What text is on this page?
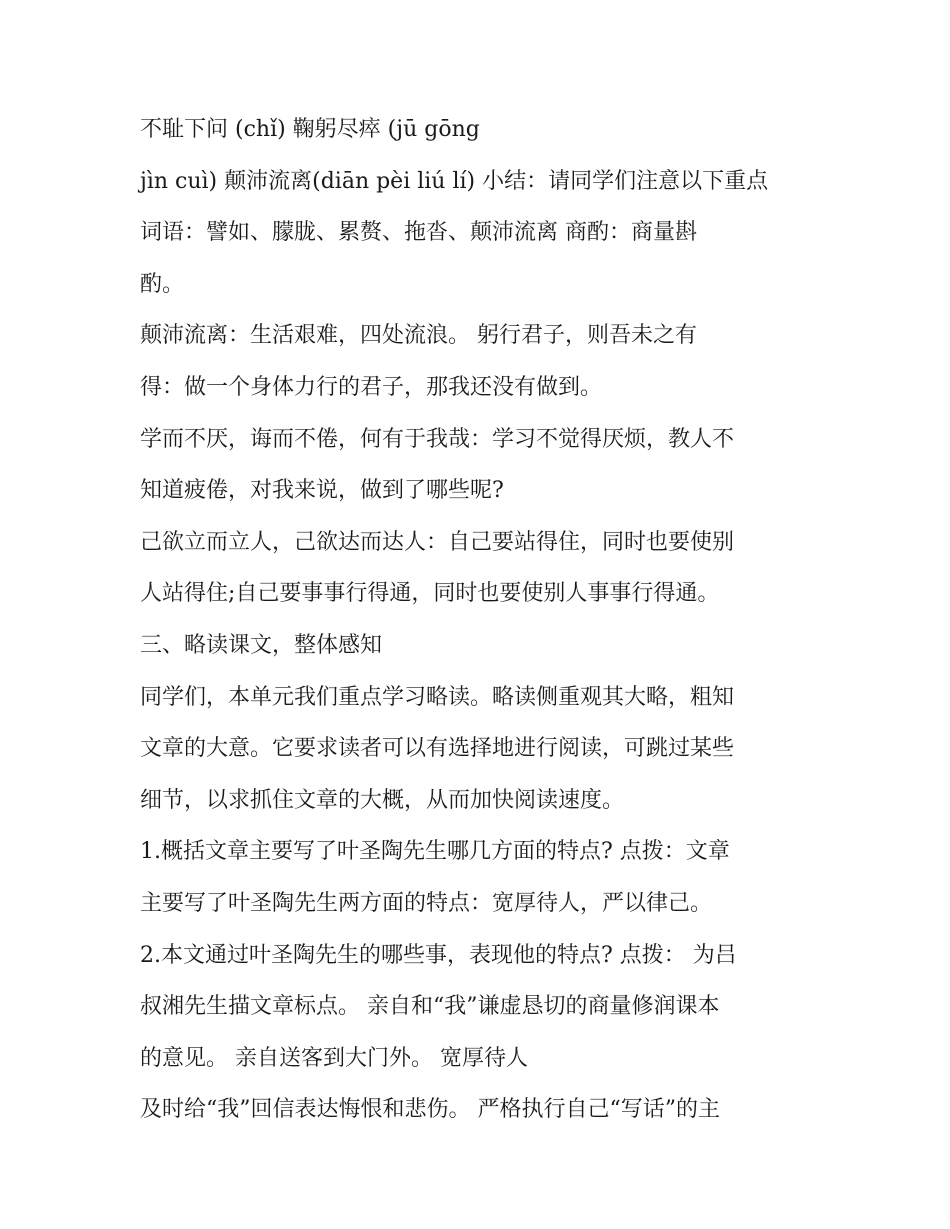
不耻下问 (chǐ) 鞠躬尽瘁 (jū gōng
jìn cuì) 颠沛流离(diān pèi liú lí) 小结：请同学们注意以下重点
词语：譬如、朦胧、累赘、拖沓、颠沛流离 商酌：商量斟
酌。
颠沛流离：生活艰难，四处流浪。 躬行君子，则吾未之有
得：做一个身体力行的君子，那我还没有做到。
学而不厌，诲而不倦，何有于我哉：学习不觉得厌烦，教人不
知道疲倦，对我来说，做到了哪些呢?
己欲立而立人，己欲达而达人：自己要站得住，同时也要使别
人站得住;自己要事事行得通，同时也要使别人事事行得通。
三、略读课文，整体感知
同学们，本单元我们重点学习略读。略读侧重观其大略，粗知
文章的大意。它要求读者可以有选择地进行阅读，可跳过某些
细节，以求抓住文章的大概，从而加快阅读速度。
1.概括文章主要写了叶圣陶先生哪几方面的特点? 点拨：文章
主要写了叶圣陶先生两方面的特点：宽厚待人，严以律己。
2.本文通过叶圣陶先生的哪些事，表现他的特点? 点拨： 为吕
叔湘先生描文章标点。 亲自和“我”谦虚恳切的商量修润课本
的意见。 亲自送客到大门外。 宽厚待人
及时给“我”回信表达悔恨和悲伤。 严格执行自己“写话”的主
